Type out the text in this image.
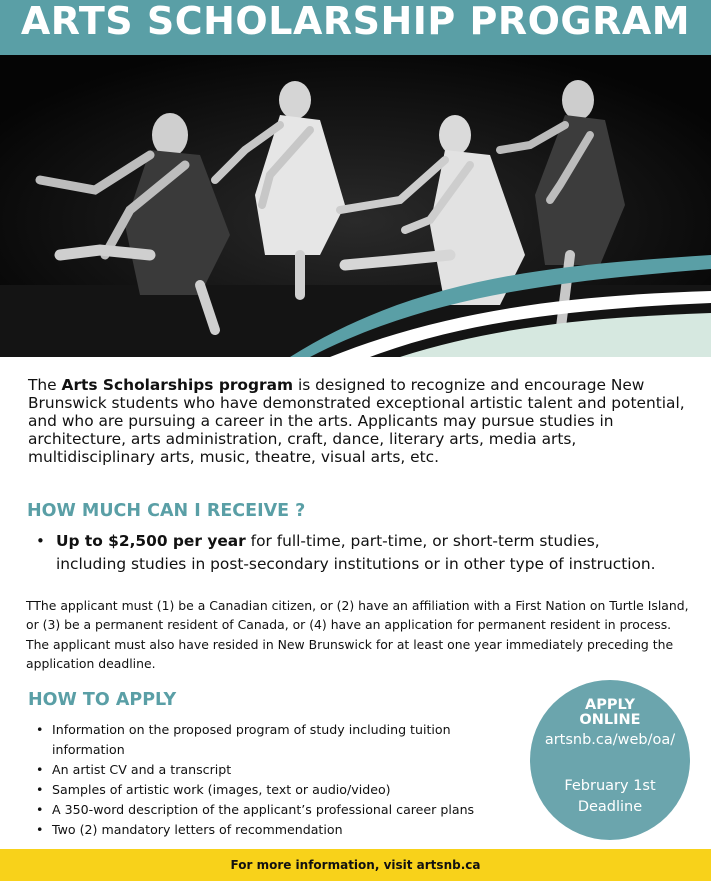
ARTS SCHOLARSHIP PROGRAM

The Arts Scholarships program is designed to recognize and encourage New Brunswick students who have demonstrated exceptional artistic talent and potential, and who are pursuing a career in the arts. Applicants may pursue studies in architecture, arts administration, craft, dance, literary arts, media arts, multidisciplinary arts, music, theatre, visual arts, etc.

HOW MUCH CAN I RECEIVE ?
• Up to $2,500 per year for full-time, part-time, or short-term studies,
including studies in post-secondary institutions or in other type of instruction.

TThe applicant must (1) be a Canadian citizen, or (2) have an affiliation with a First Nation on Turtle Island, or (3) be a permanent resident of Canada, or (4) have an application for permanent resident in process. The applicant must also have resided in New Brunswick for at least one year immediately preceding the application deadline.

HOW TO APPLY
• Information on the proposed program of study including tuition information
• An artist CV and a transcript
• Samples of artistic work (images, text or audio/video)
• A 350-word description of the applicant’s professional career plans
• Two (2) mandatory letters of recommendation
APPLY ONLINE
artsnb.ca/web/oa/
February 1st
Deadline
For more information, visit artsnb.ca
